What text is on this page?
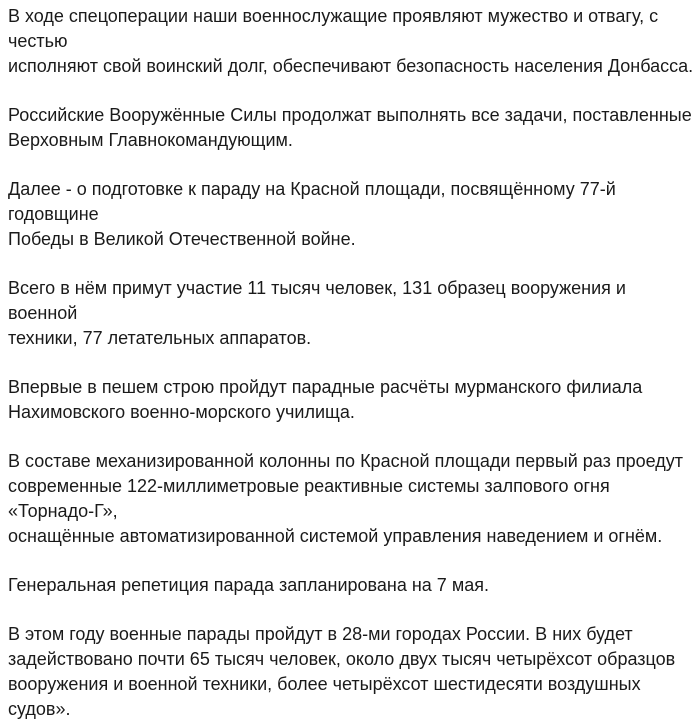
В ходе спецоперации наши военнослужащие проявляют мужество и отвагу, с честью
исполняют свой воинский долг, обеспечивают безопасность населения Донбасса.

Российские Вооружённые Силы продолжат выполнять все задачи, поставленные
Верховным Главнокомандующим.

Далее - о подготовке к параду на Красной площади, посвящённому 77-й годовщине
Победы в Великой Отечественной войне.

Всего в нём примут участие 11 тысяч человек, 131 образец вооружения и военной
техники, 77 летательных аппаратов.

Впервые в пешем строю пройдут парадные расчёты мурманского филиала
Нахимовского военно-морского училища.

В составе механизированной колонны по Красной площади первый раз проедут
современные 122-миллиметровые реактивные системы залпового огня «Торнадо-Г»,
оснащённые автоматизированной системой управления наведением и огнём.

Генеральная репетиция парада запланирована на 7 мая.

В этом году военные парады пройдут в 28-ми городах России. В них будет
задействовано почти 65 тысяч человек, около двух тысяч четырёхсот образцов
вооружения и военной техники, более четырёхсот шестидесяти воздушных судов».
